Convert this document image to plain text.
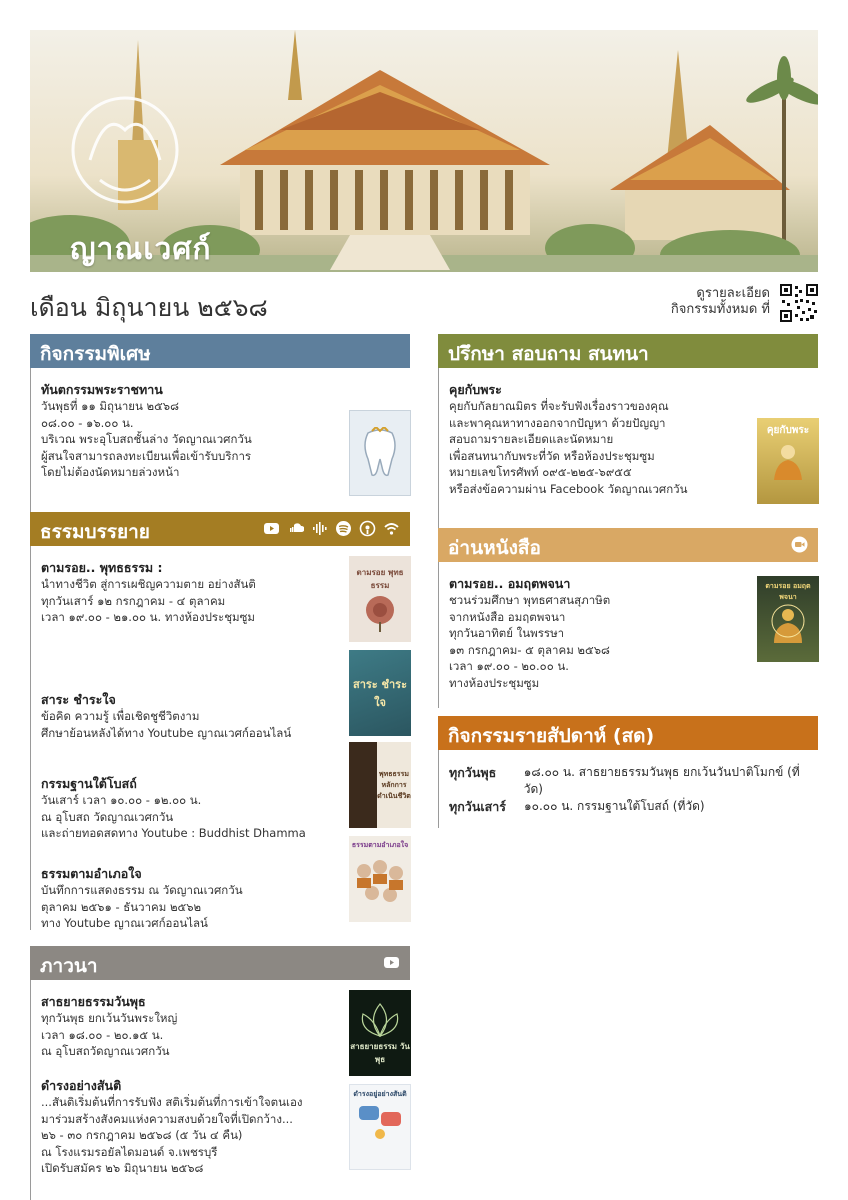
ญาณเวศก์
เดือน มิถุนายน ๒๕๖๘	ดูรายละเอียด
กิจกรรมทั้งหมด ที่
กิจกรรมพิเศษ
ทันตกรรมพระราชทาน
วันพุธที่ ๑๑ มิถุนายน ๒๕๖๘
๐๘.๐๐ - ๑๖.๐๐ น.
บริเวณ พระอุโบสถชั้นล่าง วัดญาณเวศกวัน
ผู้สนใจสามารถลงทะเบียนเพื่อเข้ารับบริการ
โดยไม่ต้องนัดหมายล่วงหน้า
ธรรมบรรยาย
ตามรอย.. พุทธธรรม :
นำทางชีวิต สู่การเผชิญความตาย อย่างสันติ
ทุกวันเสาร์ ๑๒ กรกฎาคม - ๔ ตุลาคม
เวลา ๑๙.๐๐ - ๒๑.๐๐ น. ทางห้องประชุมซูม
ตามรอย พุทธธรรม
สาระ ชำระใจ
ข้อคิด ความรู้ เพื่อเชิดชูชีวิตงาม
ศึกษาย้อนหลังได้ทาง Youtube ญาณเวศก์ออนไลน์
สาระ ชำระใจ
กรรมฐานใต้โบสถ์
วันเสาร์ เวลา ๑๐.๐๐ - ๑๒.๐๐ น.
ณ อุโบสถ วัดญาณเวศกวัน
และถ่ายทอดสดทาง Youtube : Buddhist Dhamma
พุทธธรรม หลักการ ดำเนินชีวิต
ธรรมตามอำเภอใจ
บันทึกการแสดงธรรม ณ วัดญาณเวศกวัน
ตุลาคม ๒๕๖๑ - ธันวาคม ๒๕๖๒
ทาง Youtube ญาณเวศก์ออนไลน์
ธรรมตามอำเภอใจ
ภาวนา
สาธยายธรรมวันพุธ
ทุกวันพุธ ยกเว้นวันพระใหญ่
เวลา ๑๘.๐๐ - ๒๐.๑๕ น.
ณ อุโบสถวัดญาณเวศกวัน	สาธยายธรรม วันพุธ
ดำรงอย่างสันติ
...สันติเริ่มต้นที่การรับฟัง สติเริ่มต้นที่การเข้าใจตนเอง
มาร่วมสร้างสังคมแห่งความสงบด้วยใจที่เปิดกว้าง...
๒๖ - ๓๐ กรกฎาคม ๒๕๖๘ (๕ วัน ๔ คืน)
ณ โรงแรมรอยัลไดมอนด์ จ.เพชรบุรี
เปิดรับสมัคร ๒๖ มิถุนายน ๒๕๖๘
ดำรงอยู่อย่างสันติ
ปรึกษา สอบถาม สนทนา
คุยกับพระ
คุยกับกัลยาณมิตร ที่จะรับฟังเรื่องราวของคุณ
และพาคุณหาทางออกจากปัญหา ด้วยปัญญา
สอบถามรายละเอียดและนัดหมาย
เพื่อสนทนากับพระที่วัด หรือห้องประชุมซูม
หมายเลขโทรศัพท์ ๐๙๕-๒๒๕-๖๙๕๕
หรือส่งข้อความผ่าน Facebook วัดญาณเวศกวัน
คุยกับพระ
อ่านหนังสือ
ตามรอย.. อมฤตพจนา
ชวนร่วมศึกษา พุทธศาสนสุภาษิต
จากหนังสือ อมฤตพจนา
ทุกวันอาทิตย์ ในพรรษา
๑๓ กรกฎาคม- ๕ ตุลาคม ๒๕๖๘
เวลา ๑๙.๐๐ - ๒๐.๐๐ น.
ทางห้องประชุมซูม
ตามรอย อมฤตพจนา
กิจกรรมรายสัปดาห์ (สด)
ทุกวันพุธ	๑๘.๐๐ น. สาธยายธรรมวันพุธ ยกเว้นวันปาติโมกข์ (ที่วัด)
ทุกวันเสาร์	๑๐.๐๐ น. กรรมฐานใต้โบสถ์ (ที่วัด)
